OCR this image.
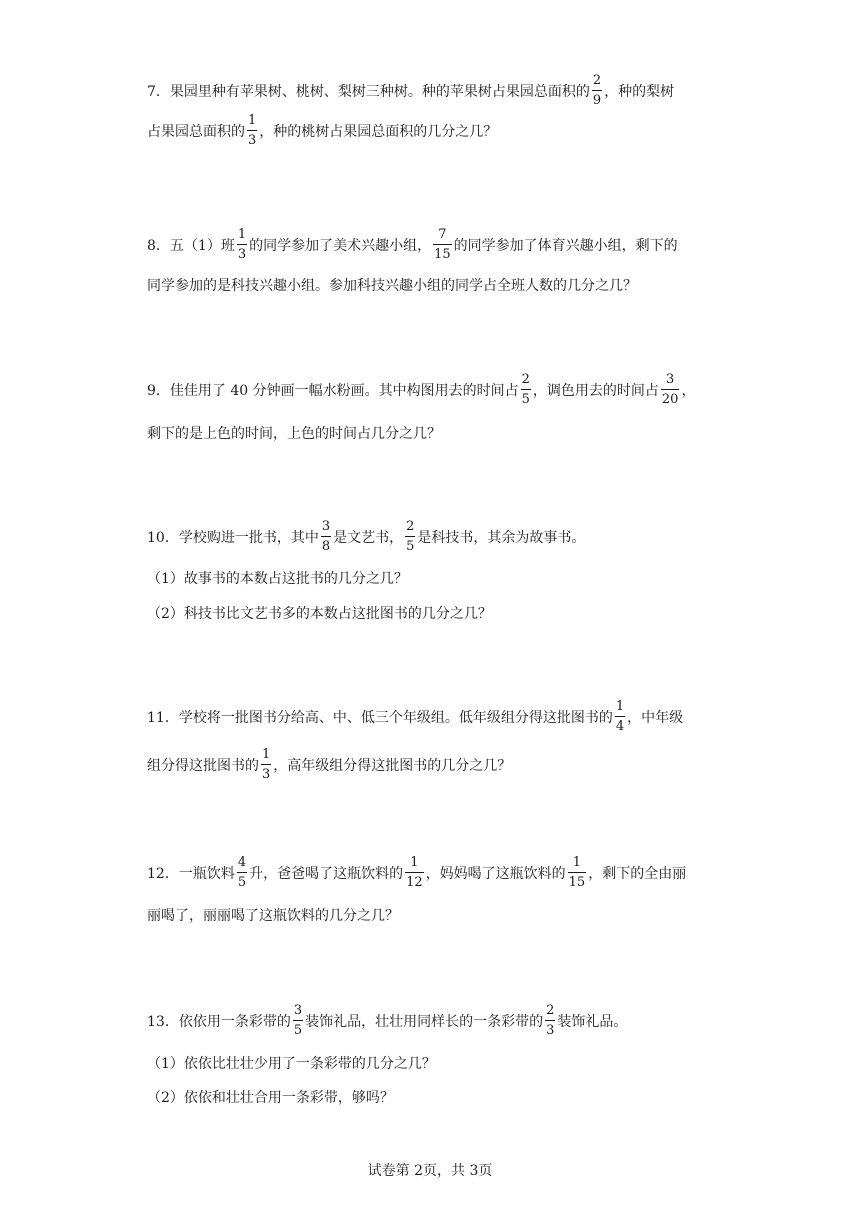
7．果园里种有苹果树、桃树、梨树三种树。种的苹果树占果园总面积的 $\frac{2}{9}$ ，种的梨树
占果园总面积的 $\frac{1}{3}$ ，种的桃树占果园总面积的几分之几？
8．五（1）班 $\frac{1}{3}$ 的同学参加了美术兴趣小组， $\frac{7}{15}$ 的同学参加了体育兴趣小组，剩下的
同学参加的是科技兴趣小组。参加科技兴趣小组的同学占全班人数的几分之几？
9．佳佳用了 40 分钟画一幅水粉画。其中构图用去的时间占 $\frac{2}{5}$ ，调色用去的时间占 $\frac{3}{20}$ ，
剩下的是上色的时间，上色的时间占几分之几？
10．学校购进一批书，其中 $\frac{3}{8}$ 是文艺书， $\frac{2}{5}$ 是科技书，其余为故事书。
（1）故事书的本数占这批书的几分之几？
（2）科技书比文艺书多的本数占这批图书的几分之几？
11．学校将一批图书分给高、中、低三个年级组。低年级组分得这批图书的 $\frac{1}{4}$ ，中年级
组分得这批图书的 $\frac{1}{3}$ ，高年级组分得这批图书的几分之几？
12．一瓶饮料 $\frac{4}{5}$ 升，爸爸喝了这瓶饮料的 $\frac{1}{12}$ ，妈妈喝了这瓶饮料的 $\frac{1}{15}$ ，剩下的全由丽
丽喝了，丽丽喝了这瓶饮料的几分之几？
13．依依用一条彩带的 $\frac{3}{5}$ 装饰礼品，壮壮用同样长的一条彩带的 $\frac{2}{3}$ 装饰礼品。
（1）依依比壮壮少用了一条彩带的几分之几？
（2）依依和壮壮合用一条彩带，够吗？
试卷第 2页，共 3页
